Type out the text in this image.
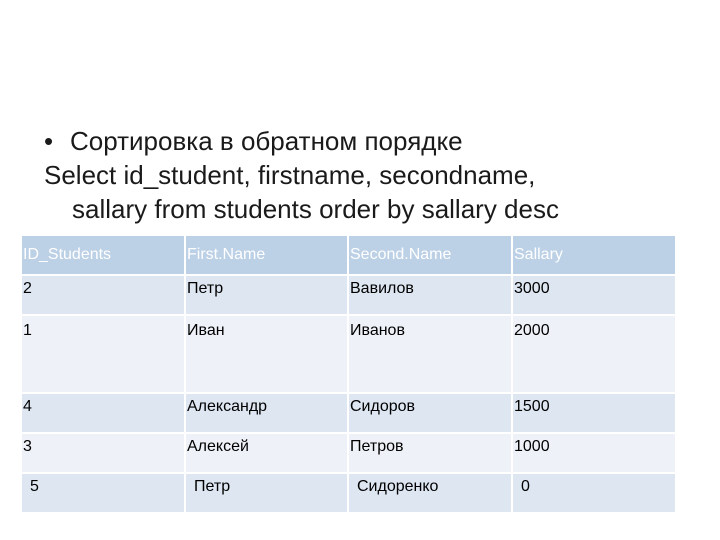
• Сортировка в обратном порядке
Select id_student, firstname, secondname,
sallary from students order by sallary desc
ID_Students	First.Name	Second.Name	Sallary
2	Петр	Вавилов	3000
1	Иван	Иванов	2000
4	Александр	Сидоров	1500
3	Алексей	Петров	1000
5	Петр	Сидоренко	0
